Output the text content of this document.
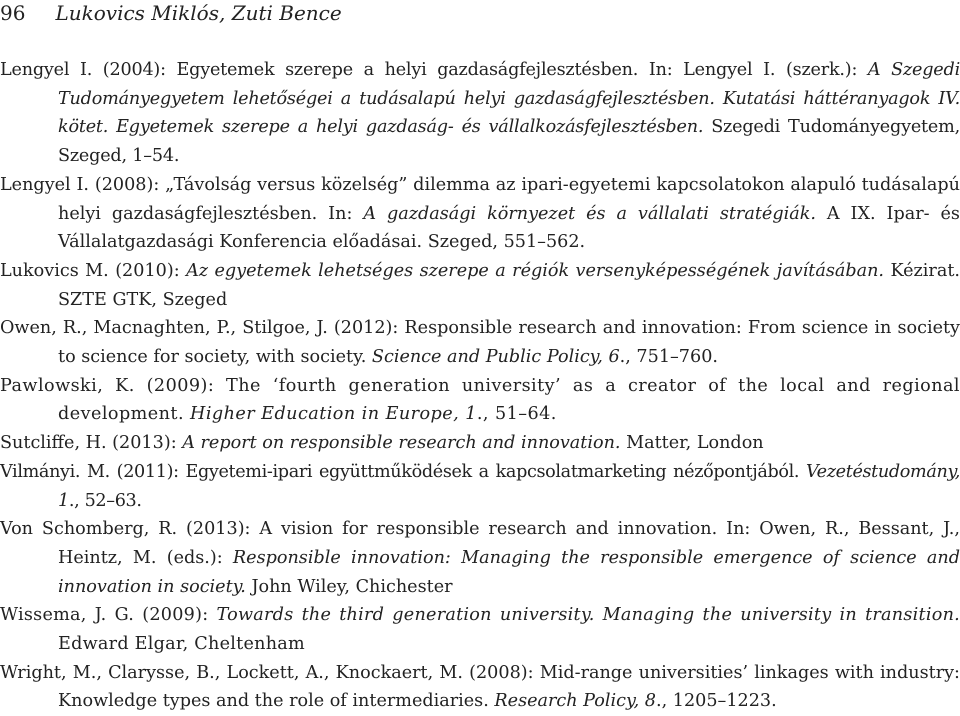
96 Lukovics Miklós, Zuti Bence
Lengyel I. (2004): Egyetemek szerepe a helyi gazdaságfejlesztésben. In: Lengyel I. (szerk.): A Szegedi Tudományegyetem lehetőségei a tudásalapú helyi gazdaságfejlesztésben. Kutatási háttéranyagok IV. kötet. Egyetemek szerepe a helyi gazdaság- és vállalkozásfejlesztésben. Szegedi Tudományegyetem, Szeged, 1–54.
Lengyel I. (2008): „Távolság versus közelség” dilemma az ipari-egyetemi kapcsolatokon alapuló tudásalapú helyi gazdaságfejlesztésben. In: A gazdasági környezet és a vállalati stratégiák. A IX. Ipar- és Vállalatgazdasági Konferencia előadásai. Szeged, 551–562.
Lukovics M. (2010): Az egyetemek lehetséges szerepe a régiók versenyképességének javításában. Kézirat. SZTE GTK, Szeged
Owen, R., Macnaghten, P., Stilgoe, J. (2012): Responsible research and innovation: From science in society to science for society, with society. Science and Public Policy, 6., 751–760.
Pawlowski, K. (2009): The ‘fourth generation university’ as a creator of the local and regional development. Higher Education in Europe, 1., 51–64.
Sutcliffe, H. (2013): A report on responsible research and innovation. Matter, London
Vilmányi. M. (2011): Egyetemi-ipari együttműködések a kapcsolatmarketing nézőpontjából. Vezetéstudomány, 1., 52–63.
Von Schomberg, R. (2013): A vision for responsible research and innovation. In: Owen, R., Bessant, J., Heintz, M. (eds.): Responsible innovation: Managing the responsible emergence of science and innovation in society. John Wiley, Chichester
Wissema, J. G. (2009): Towards the third generation university. Managing the university in transition. Edward Elgar, Cheltenham
Wright, M., Clarysse, B., Lockett, A., Knockaert, M. (2008): Mid-range universities’ linkages with industry: Knowledge types and the role of intermediaries. Research Policy, 8., 1205–1223.
